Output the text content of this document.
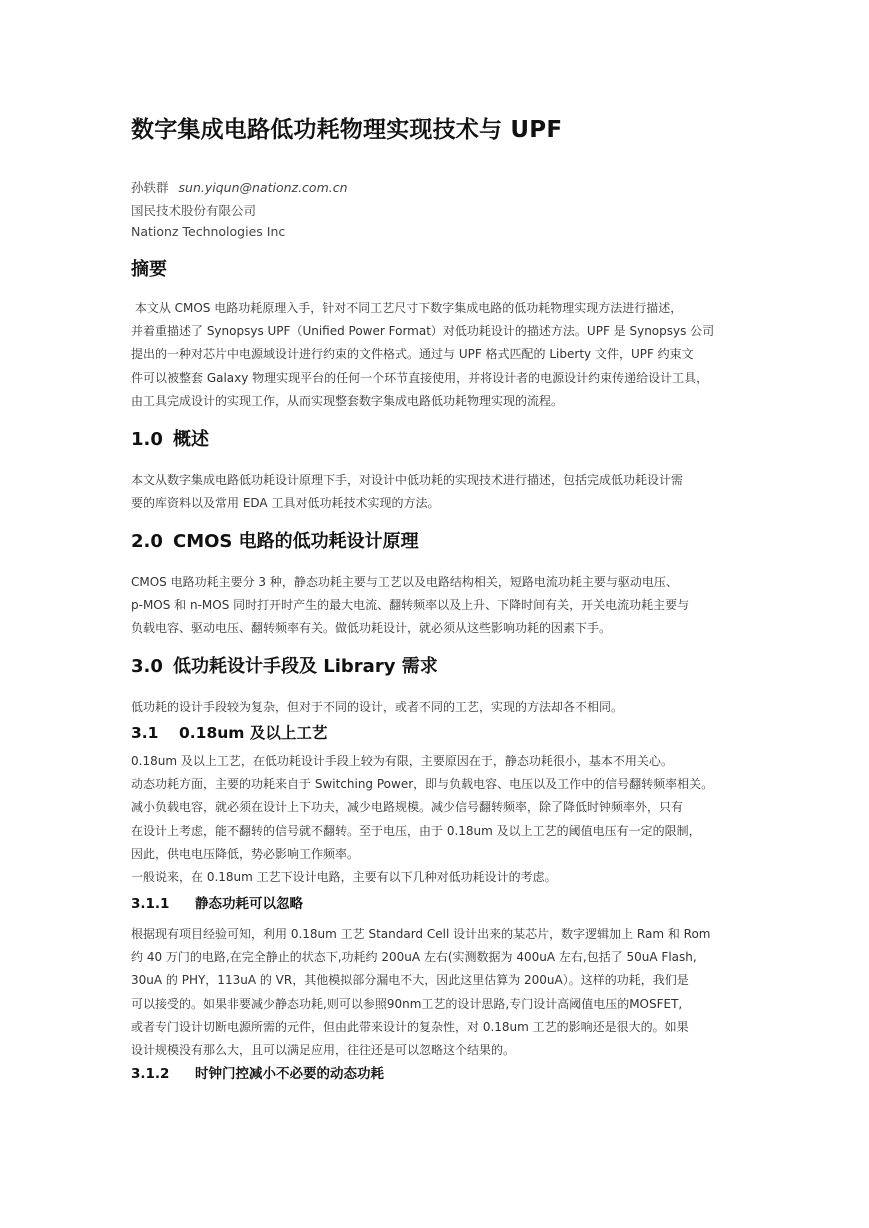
数字集成电路低功耗物理实现技术与 UPF
孙轶群 sun.yiqun@nationz.com.cn
国民技术股份有限公司
Nationz Technologies Inc
摘要
本文从 CMOS 电路功耗原理入手，针对不同工艺尺寸下数字集成电路的低功耗物理实现方法进行描述，
并着重描述了 Synopsys UPF（Unified Power Format）对低功耗设计的描述方法。UPF 是 Synopsys 公司
提出的一种对芯片中电源域设计进行约束的文件格式。通过与 UPF 格式匹配的 Liberty 文件，UPF 约束文
件可以被整套 Galaxy 物理实现平台的任何一个环节直接使用，并将设计者的电源设计约束传递给设计工具，
由工具完成设计的实现工作，从而实现整套数字集成电路低功耗物理实现的流程。
1.0 概述
本文从数字集成电路低功耗设计原理下手，对设计中低功耗的实现技术进行描述，包括完成低功耗设计需
要的库资料以及常用 EDA 工具对低功耗技术实现的方法。
2.0 CMOS 电路的低功耗设计原理
CMOS 电路功耗主要分 3 种，静态功耗主要与工艺以及电路结构相关，短路电流功耗主要与驱动电压、
p-MOS 和 n-MOS 同时打开时产生的最大电流、翻转频率以及上升、下降时间有关，开关电流功耗主要与
负载电容、驱动电压、翻转频率有关。做低功耗设计，就必须从这些影响功耗的因素下手。
3.0 低功耗设计手段及 Library 需求
低功耗的设计手段较为复杂，但对于不同的设计，或者不同的工艺，实现的方法却各不相同。
3.1 0.18um 及以上工艺
0.18um 及以上工艺，在低功耗设计手段上较为有限，主要原因在于，静态功耗很小，基本不用关心。
动态功耗方面，主要的功耗来自于 Switching Power，即与负载电容、电压以及工作中的信号翻转频率相关。
减小负载电容，就必须在设计上下功夫，减少电路规模。减少信号翻转频率，除了降低时钟频率外，只有
在设计上考虑，能不翻转的信号就不翻转。至于电压，由于 0.18um 及以上工艺的阈值电压有一定的限制，
因此，供电电压降低，势必影响工作频率。
一般说来，在 0.18um 工艺下设计电路，主要有以下几种对低功耗设计的考虑。
3.1.1 静态功耗可以忽略
根据现有项目经验可知，利用 0.18um 工艺 Standard Cell 设计出来的某芯片，数字逻辑加上 Ram 和 Rom
约 40 万门的电路,在完全静止的状态下,功耗约 200uA 左右(实测数据为 400uA 左右,包括了 50uA Flash,
30uA 的 PHY，113uA 的 VR，其他模拟部分漏电不大，因此这里估算为 200uA）。这样的功耗，我们是
可以接受的。如果非要减少静态功耗,则可以参照90nm工艺的设计思路,专门设计高阈值电压的MOSFET,
或者专门设计切断电源所需的元件，但由此带来设计的复杂性，对 0.18um 工艺的影响还是很大的。如果
设计规模没有那么大，且可以满足应用，往往还是可以忽略这个结果的。
3.1.2 时钟门控减小不必要的动态功耗
